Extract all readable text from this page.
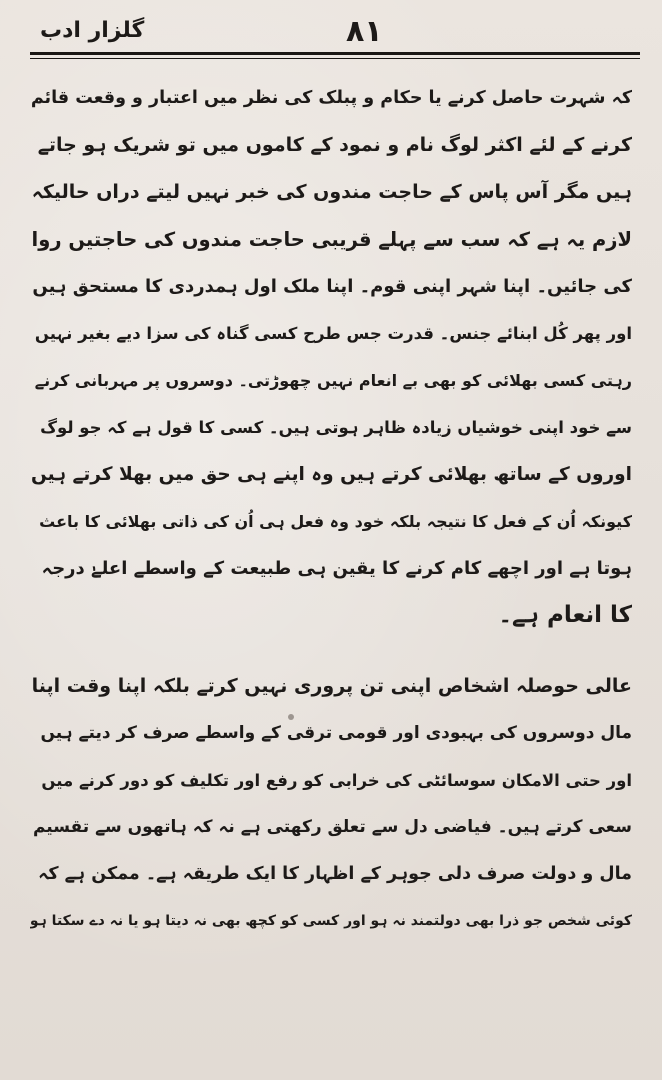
گلزار ادب	۸۱
کہ شہرت حاصل کرنے یا حکام و پبلک کی نظر میں اعتبار و وقعت قائم
کرنے کے لئے اکثر لوگ نام و نمود کے کاموں میں تو شریک ہو جاتے
ہیں مگر آس پاس کے حاجت مندوں کی خبر نہیں لیتے دراں حالیکہ
لازم یہ ہے کہ سب سے پہلے قریبی حاجت مندوں کی حاجتیں روا
کی جائیں۔ اپنا شہر اپنی قوم۔ اپنا ملک اول ہمدردی کا مستحق ہیں
اور پھر کُل ابنائے جنس۔ قدرت جس طرح کسی گناہ کی سزا دیے بغیر نہیں
رہتی کسی بھلائی کو بھی بے انعام نہیں چھوڑتی۔ دوسروں پر مہربانی کرنے
سے خود اپنی خوشیاں زیادہ ظاہر ہوتی ہیں۔ کسی کا قول ہے کہ جو لوگ
اوروں کے ساتھ بھلائی کرتے ہیں وہ اپنے ہی حق میں بھلا کرتے ہیں
کیونکہ اُن کے فعل کا نتیجہ بلکہ خود وہ فعل ہی اُن کی ذاتی بھلائی کا باعث
ہوتا ہے اور اچھے کام کرنے کا یقین ہی طبیعت کے واسطے اعلےٰ درجہ
کا انعام ہے۔
عالی حوصلہ اشخاص اپنی تن پروری نہیں کرتے بلکہ اپنا وقت اپنا
مال دوسروں کی بہبودی اور قومی ترقی کے واسطے صرف کر دیتے ہیں
اور حتی الامکان سوسائٹی کی خرابی کو رفع اور تکلیف کو دور کرنے میں
سعی کرتے ہیں۔ فیاضی دل سے تعلق رکھتی ہے نہ کہ ہاتھوں سے تقسیم
مال و دولت صرف دلی جوہر کے اظہار کا ایک طریقہ ہے۔ ممکن ہے کہ
کوئی شخص جو ذرا بھی دولتمند نہ ہو اور کسی کو کچھ بھی نہ دیتا ہو یا نہ دے سکتا ہو
